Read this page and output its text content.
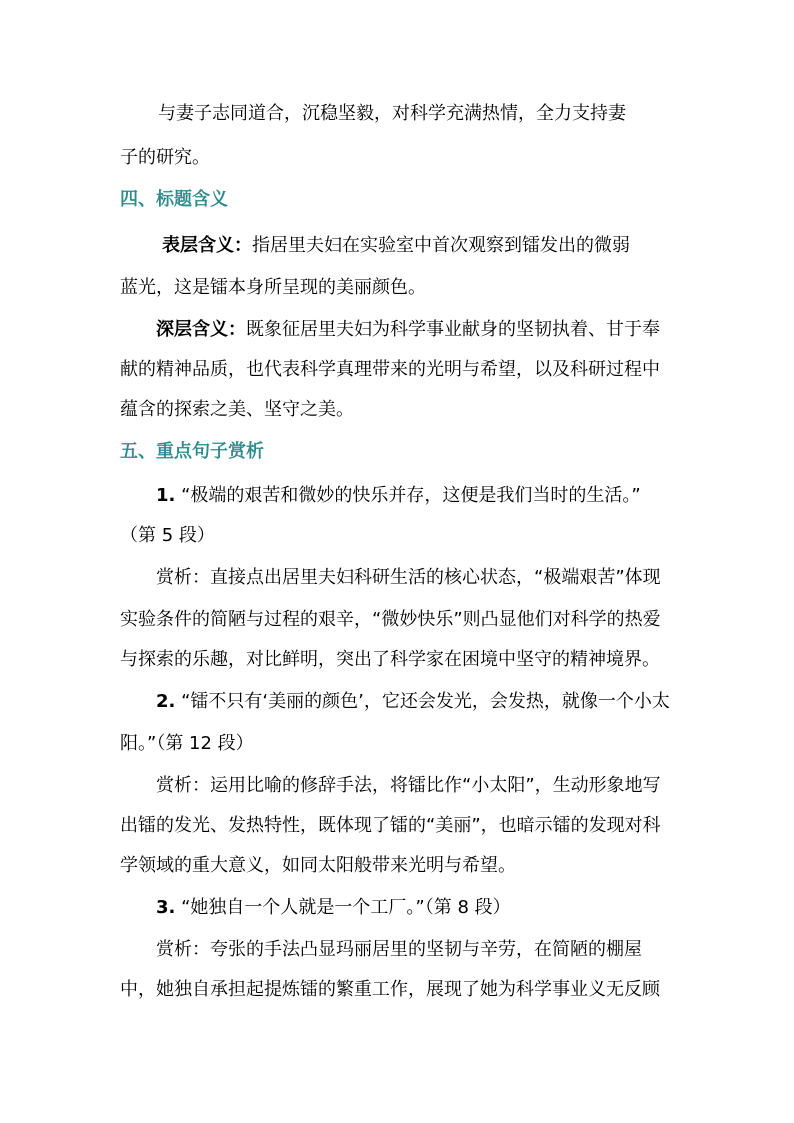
与妻子志同道合，沉稳坚毅，对科学充满热情，全力支持妻
子的研究。
四、标题含义
表层含义：指居里夫妇在实验室中首次观察到镭发出的微弱
蓝光，这是镭本身所呈现的美丽颜色。
深层含义：既象征居里夫妇为科学事业献身的坚韧执着、甘于奉
献的精神品质，也代表科学真理带来的光明与希望，以及科研过程中
蕴含的探索之美、坚守之美。
五、重点句子赏析
1. “极端的艰苦和微妙的快乐并存，这便是我们当时的生活。”
（第 5 段）
赏析：直接点出居里夫妇科研生活的核心状态，“极端艰苦”体现
实验条件的简陋与过程的艰辛，“微妙快乐”则凸显他们对科学的热爱
与探索的乐趣，对比鲜明，突出了科学家在困境中坚守的精神境界。
2. “镭不只有‘美丽的颜色’，它还会发光，会发热，就像一个小太
阳。”（第 12 段）
赏析：运用比喻的修辞手法，将镭比作“小太阳”，生动形象地写
出镭的发光、发热特性，既体现了镭的“美丽”，也暗示镭的发现对科
学领域的重大意义，如同太阳般带来光明与希望。
3. “她独自一个人就是一个工厂。”（第 8 段）
赏析：夸张的手法凸显玛丽居里的坚韧与辛劳，在简陋的棚屋
中，她独自承担起提炼镭的繁重工作，展现了她为科学事业义无反顾
